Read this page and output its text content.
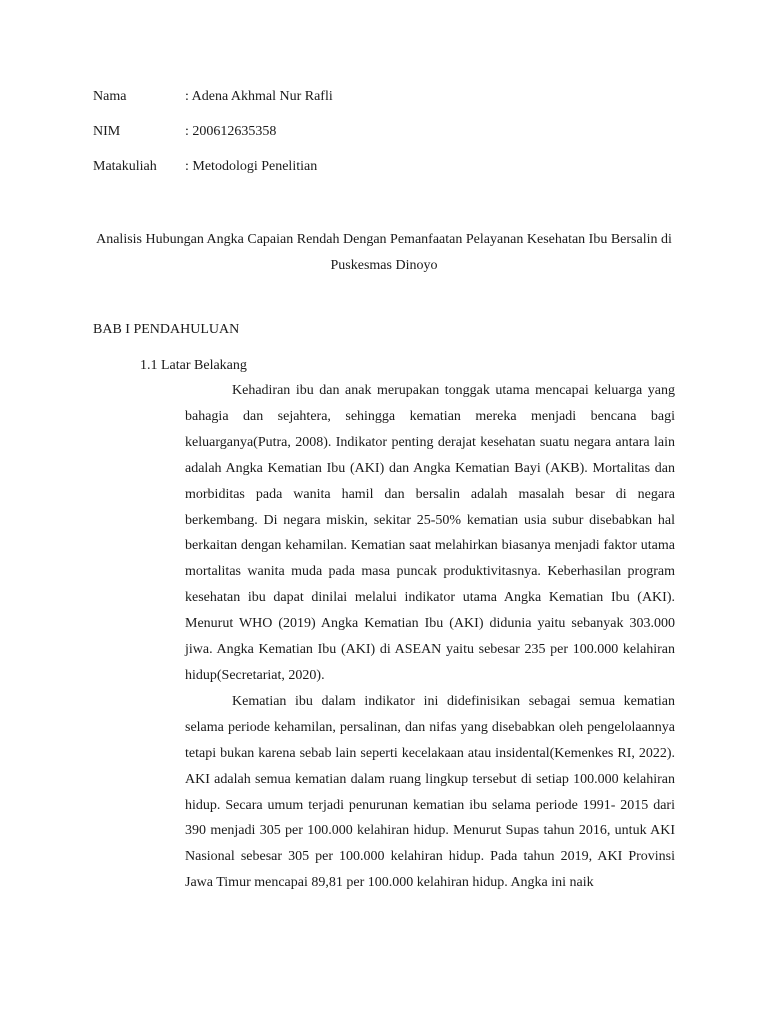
Nama	: Adena Akhmal Nur Rafli
NIM	: 200612635358
Matakuliah : Metodologi Penelitian
Analisis Hubungan Angka Capaian Rendah Dengan Pemanfaatan Pelayanan Kesehatan Ibu Bersalin di Puskesmas Dinoyo
BAB I PENDAHULUAN
1.1 Latar Belakang

Kehadiran ibu dan anak merupakan tonggak utama mencapai keluarga yang bahagia dan sejahtera, sehingga kematian mereka menjadi bencana bagi keluarganya(Putra, 2008). Indikator penting derajat kesehatan suatu negara antara lain adalah Angka Kematian Ibu (AKI) dan Angka Kematian Bayi (AKB). Mortalitas dan morbiditas pada wanita hamil dan bersalin adalah masalah besar di negara berkembang. Di negara miskin, sekitar 25-50% kematian usia subur disebabkan hal berkaitan dengan kehamilan. Kematian saat melahirkan biasanya menjadi faktor utama mortalitas wanita muda pada masa puncak produktivitasnya. Keberhasilan program kesehatan ibu dapat dinilai melalui indikator utama Angka Kematian Ibu (AKI). Menurut WHO (2019) Angka Kematian Ibu (AKI) didunia yaitu sebanyak 303.000 jiwa. Angka Kematian Ibu (AKI) di ASEAN yaitu sebesar 235 per 100.000 kelahiran hidup(Secretariat, 2020).

Kematian ibu dalam indikator ini didefinisikan sebagai semua kematian selama periode kehamilan, persalinan, dan nifas yang disebabkan oleh pengelolaannya tetapi bukan karena sebab lain seperti kecelakaan atau insidental(Kemenkes RI, 2022). AKI adalah semua kematian dalam ruang lingkup tersebut di setiap 100.000 kelahiran hidup. Secara umum terjadi penurunan kematian ibu selama periode 1991- 2015 dari 390 menjadi 305 per 100.000 kelahiran hidup. Menurut Supas tahun 2016, untuk AKI Nasional sebesar 305 per 100.000 kelahiran hidup. Pada tahun 2019, AKI Provinsi Jawa Timur mencapai 89,81 per 100.000 kelahiran hidup. Angka ini naik
